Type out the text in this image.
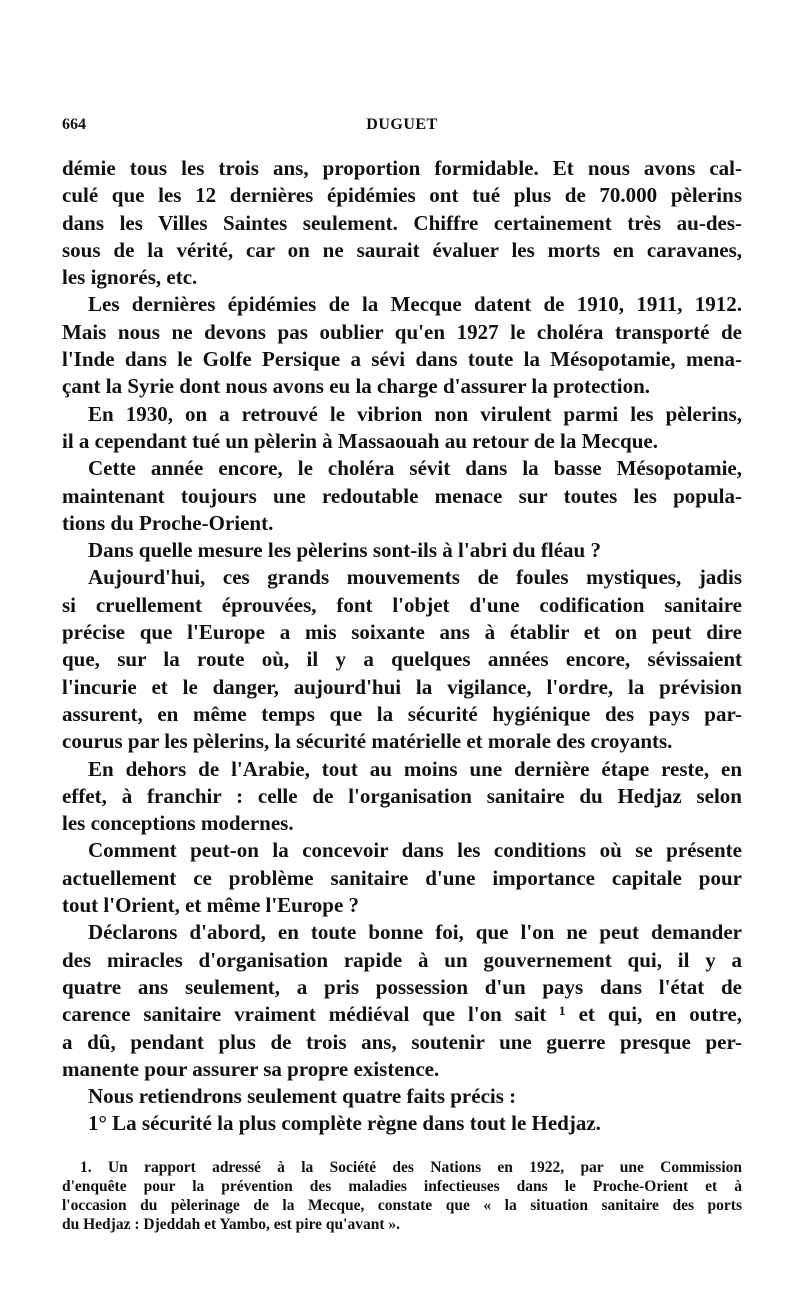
664	DUGUET
démie tous les trois ans, proportion formidable. Et nous avons cal-
culé que les 12 dernières épidémies ont tué plus de 70.000 pèlerins
dans les Villes Saintes seulement. Chiffre certainement très au-des-
sous de la vérité, car on ne saurait évaluer les morts en caravanes,
les ignorés, etc.
Les dernières épidémies de la Mecque datent de 1910, 1911, 1912.
Mais nous ne devons pas oublier qu'en 1927 le choléra transporté de
l'Inde dans le Golfe Persique a sévi dans toute la Mésopotamie, mena-
çant la Syrie dont nous avons eu la charge d'assurer la protection.
En 1930, on a retrouvé le vibrion non virulent parmi les pèlerins,
il a cependant tué un pèlerin à Massaouah au retour de la Mecque.
Cette année encore, le choléra sévit dans la basse Mésopotamie,
maintenant toujours une redoutable menace sur toutes les popula-
tions du Proche-Orient.
Dans quelle mesure les pèlerins sont-ils à l'abri du fléau ?
Aujourd'hui, ces grands mouvements de foules mystiques, jadis
si cruellement éprouvées, font l'objet d'une codification sanitaire
précise que l'Europe a mis soixante ans à établir et on peut dire
que, sur la route où, il y a quelques années encore, sévissaient
l'incurie et le danger, aujourd'hui la vigilance, l'ordre, la prévision
assurent, en même temps que la sécurité hygiénique des pays par-
courus par les pèlerins, la sécurité matérielle et morale des croyants.
En dehors de l'Arabie, tout au moins une dernière étape reste, en
effet, à franchir : celle de l'organisation sanitaire du Hedjaz selon
les conceptions modernes.
Comment peut-on la concevoir dans les conditions où se présente
actuellement ce problème sanitaire d'une importance capitale pour
tout l'Orient, et même l'Europe ?
Déclarons d'abord, en toute bonne foi, que l'on ne peut demander
des miracles d'organisation rapide à un gouvernement qui, il y a
quatre ans seulement, a pris possession d'un pays dans l'état de
carence sanitaire vraiment médiéval que l'on sait ¹ et qui, en outre,
a dû, pendant plus de trois ans, soutenir une guerre presque per-
manente pour assurer sa propre existence.
Nous retiendrons seulement quatre faits précis :
1° La sécurité la plus complète règne dans tout le Hedjaz.
1. Un rapport adressé à la Société des Nations en 1922, par une Commission
d'enquête pour la prévention des maladies infectieuses dans le Proche-Orient et à
l'occasion du pèlerinage de la Mecque, constate que « la situation sanitaire des ports
du Hedjaz : Djeddah et Yambo, est pire qu'avant ».
